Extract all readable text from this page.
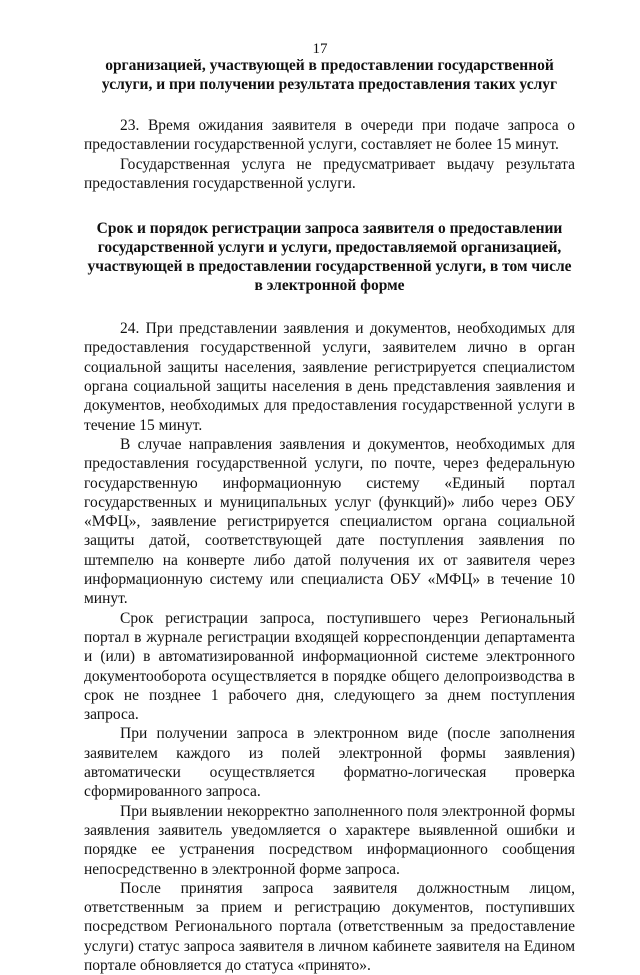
17

организацией, участвующей в предоставлении государственной услуги, и при получении результата предоставления таких услуг

23. Время ожидания заявителя в очереди при подаче запроса о предоставлении государственной услуги, составляет не более 15 минут.

Государственная услуга не предусматривает выдачу результата предоставления государственной услуги.

Срок и порядок регистрации запроса заявителя о предоставлении государственной услуги и услуги, предоставляемой организацией, участвующей в предоставлении государственной услуги, в том числе в электронной форме

24. При представлении заявления и документов, необходимых для предоставления государственной услуги, заявителем лично в орган социальной защиты населения, заявление регистрируется специалистом органа социальной защиты населения в день представления заявления и документов, необходимых для предоставления государственной услуги в течение 15 минут.

В случае направления заявления и документов, необходимых для предоставления государственной услуги, по почте, через федеральную государственную информационную систему «Единый портал государственных и муниципальных услуг (функций)» либо через ОБУ «МФЦ», заявление регистрируется специалистом органа социальной защиты датой, соответствующей дате поступления заявления по штемпелю на конверте либо датой получения их от заявителя через информационную систему или специалиста ОБУ «МФЦ» в течение 10 минут.

Срок регистрации запроса, поступившего через Региональный портал в журнале регистрации входящей корреспонденции департамента и (или) в автоматизированной информационной системе электронного документооборота осуществляется в порядке общего делопроизводства в срок не позднее 1 рабочего дня, следующего за днем поступления запроса.

При получении запроса в электронном виде (после заполнения заявителем каждого из полей электронной формы заявления) автоматически осуществляется форматно-логическая проверка сформированного запроса.

При выявлении некорректно заполненного поля электронной формы заявления заявитель уведомляется о характере выявленной ошибки и порядке ее устранения посредством информационного сообщения непосредственно в электронной форме запроса.

После принятия запроса заявителя должностным лицом, ответственным за прием и регистрацию документов, поступивших посредством Регионального портала (ответственным за предоставление услуги) статус запроса заявителя в личном кабинете заявителя на Едином портале обновляется до статуса «принято».
